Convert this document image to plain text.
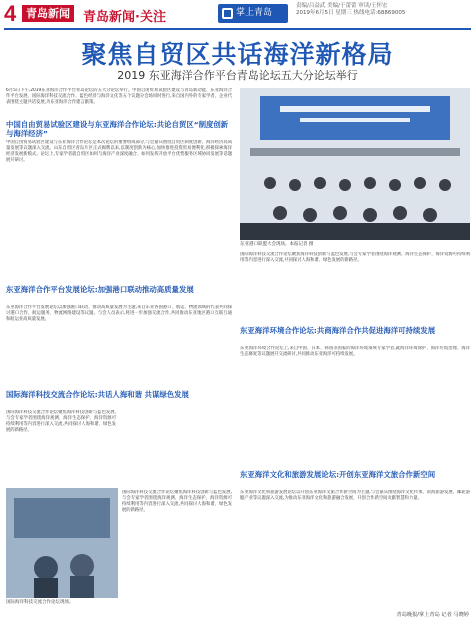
4 青岛新闻	青岛新闻·关注	掌上青岛
责编/吕益武 美编/于蕾蕾 审读/王怀宏
2019年6月5日 星期三 热线电话:68869005
聚焦自贸区共话海洋新格局
2019 东亚海洋合作平台青岛论坛五大分论坛举行
6月5日下午,2019东亚海洋合作平台青岛论坛的五大分论坛举行。中国自由贸易试验区建设与青岛新动能、东亚海洋合作平台发展、国际海洋科技交流合作、蓝色经济与海洋文化等五个议题分会场同时进行,来自国内外的专家学者、企业代表围绕主题共话发展,为东亚海洋合作建言献策。
中国自由贸易试验区建设与东亚海洋合作论坛:共论自贸区“制度创新与海洋经济”
中国自由贸易试验区建设与东亚海洋合作论坛是本次论坛的重要组成部分,与会嘉宾围绕自贸区制度创新、海洋经济高质量发展等议题深入交流。山东自贸区青岛片区正式揭牌以来,以制度创新为核心,加快推进投资贸易便利化,积极探索海洋经济发展新模式。论坛上,专家学者就自贸区如何与海洋产业深度融合、如何发挥开放平台优势服务区域协同发展等话题展开研讨。
东亚海洋合作平台发展论坛:加强港口联动推动高质量发展
东亚海洋合作平台发展论坛以加强港口联动、推动高质量发展为主题,来自东亚各国港口、航运、物流领域的代表共同探讨港口合作、航运服务、物流网络建设等议题。与会人员表示,将进一步加强交流合作,共同推动东亚地区港口互联互通和航运业高质量发展。
国际海洋科技交流合作论坛:共话人海和谐 共谋绿色发展
国际海洋科技交流合作论坛聚焦海洋科技创新与蓝色发展,与会专家学者围绕海洋观测、海洋生态保护、海洋资源可持续利用等内容进行深入交流,共同探讨人海和谐、绿色发展的新路径。
国际海洋科技交流合作论坛现场。
国际海洋科技交流合作论坛聚焦海洋科技创新与蓝色发展,与会专家学者围绕海洋观测、海洋生态保护、海洋资源可持续利用等内容进行深入交流,共同探讨人海和谐、绿色发展的新路径。
东亚港口联盟大会现场。本报记者 摄
国际海洋科技交流合作论坛聚焦海洋科技创新与蓝色发展,与会专家学者围绕海洋观测、海洋生态保护、海洋资源可持续利用等内容进行深入交流,共同探讨人海和谐、绿色发展的新路径。
东亚海洋环境合作论坛:共商海洋合作共促进海洋可持续发展
东亚海洋环境合作论坛上,来自中国、日本、韩国等国家的海洋环境领域专家学者,就海洋环境保护、海洋垃圾治理、海洋生态修复等议题展开交流研讨,共同推动东亚海洋可持续发展。
东亚海洋文化和旅游发展论坛:开创东亚海洋文旅合作新空间
东亚海洋文化和旅游发展论坛以开创东亚海洋文旅合作新空间为主题,与会嘉宾围绕海洋文化传承、滨海旅游发展、邮轮游艇产业等议题深入交流,为推动东亚海洋文化和旅游融合发展、开创合作新空间贡献智慧和力量。
青岛晚报/掌上青岛 记者 马晓婷
